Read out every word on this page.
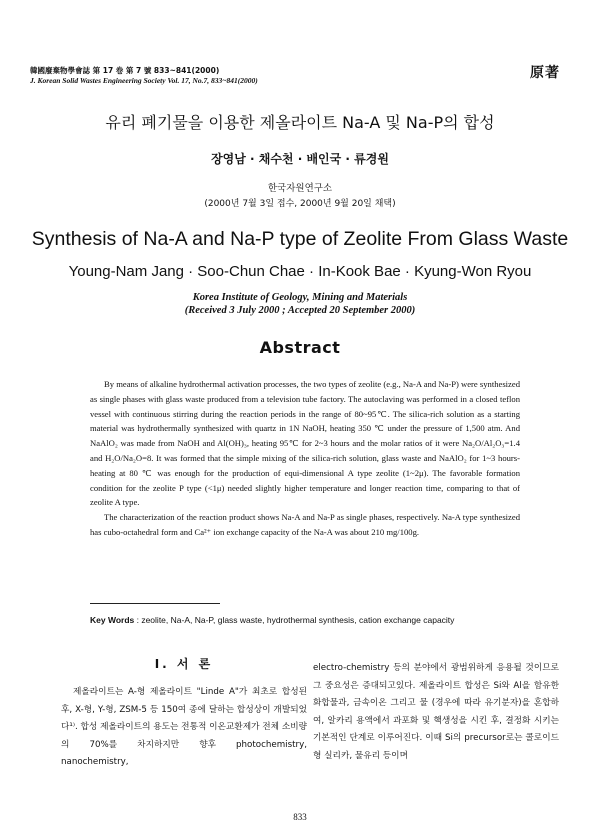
韓國廢棄物學會誌 第 17 卷 第 7 號 833~841(2000)
J. Korean Solid Wastes Engineering Society Vol. 17, No.7, 833~841(2000)	原著
유리 폐기물을 이용한 제올라이트 Na-A 및 Na-P의 합성
장영남 · 채수천 · 배인국 · 류경원
한국자원연구소
(2000년 7월 3일 접수, 2000년 9월 20일 채택)
Synthesis of Na-A and Na-P type of Zeolite From Glass Waste
Young-Nam Jang · Soo-Chun Chae · In-Kook Bae · Kyung-Won Ryou
Korea Institute of Geology, Mining and Materials
(Received 3 July 2000 ; Accepted 20 September 2000)
Abstract

By means of alkaline hydrothermal activation processes, the two types of zeolite (e.g., Na-A and Na-P) were synthesized as single phases with glass waste produced from a television tube factory. The autoclaving was performed in a closed teflon vessel with continuous stirring during the reaction periods in the range of 80~95℃. The silica-rich solution as a starting material was hydrothermally synthesized with quartz in 1N NaOH, heating 350 ℃ under the pressure of 1,500 atm. And NaAlO₂ was made from NaOH and Al(OH)₃, heating 95℃ for 2~3 hours and the molar ratios of it were Na₂O/Al₂O₃=1.4 and H₂O/Na₂O=8. It was formed that the simple mixing of the silica-rich solution, glass waste and NaAlO₂ for 1~3 hours-heating at 80 ℃ was enough for the production of equi-dimensional A type zeolite (1~2μ). The favorable formation condition for the zeolite P type (<1μ) needed slightly higher temperature and longer reaction time, comparing to that of zeolite A type.

The characterization of the reaction product shows Na-A and Na-P as single phases, respectively. Na-A type synthesized has cubo-octahedral form and Ca²⁺ ion exchange capacity of the Na-A was about 210 mg/100g.

Key Words : zeolite, Na-A, Na-P, glass waste, hydrothermal synthesis, cation exchange capacity
Ⅰ. 서 론

제올라이트는 A-형 제올라이트 "Linde A"가 최초로 합성된 후, X-형, Y-형, ZSM-5 등 150여 종에 달하는 합성상이 개발되었다¹⁾. 합성 제올라이트의 용도는 전통적 이온교환제가 전체 소비량의 70%를 차지하지만 향후 photochemistry, nanochemistry,

electro-chemistry 등의 분야에서 광범위하게 응용될 것이므로 그 중요성은 증대되고있다. 제올라이트 합성은 Si와 Al을 함유한 화합물과, 금속이온 그리고 물 (경우에 따라 유기분자)을 혼합하여, 알카리 용액에서 과포화 및 핵생성을 시킨 후, 결정화 시키는 기본적인 단계로 이루어진다. 이때 Si의 precursor로는 콜로이드형 실리카, 물유리 등이며

833
